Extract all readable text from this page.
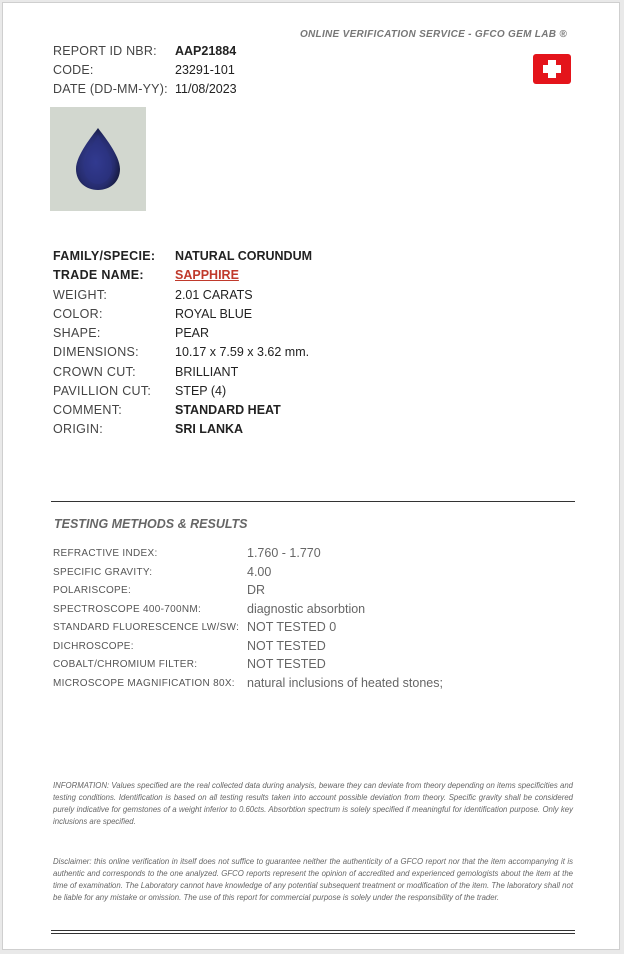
ONLINE VERIFICATION SERVICE - GFCO GEM LAB ®
REPORT ID NBR: AAP21884
CODE:	23291-101
DATE (DD-MM-YY): 11/08/2023
FAMILY/SPECIE: NATURAL CORUNDUM
TRADE NAME: SAPPHIRE
WEIGHT:	2.01 CARATS
COLOR:	ROYAL BLUE
SHAPE:	PEAR
DIMENSIONS:	10.17 x 7.59 x 3.62 mm.
CROWN CUT:	BRILLIANT
PAVILLION CUT: STEP (4)
COMMENT:	STANDARD HEAT
ORIGIN:	SRI LANKA
TESTING METHODS & RESULTS
REFRACTIVE INDEX:	1.760 - 1.770
SPECIFIC GRAVITY:	4.00
POLARISCOPE:	DR
SPECTROSCOPE 400-700NM:	diagnostic absorbtion
STANDARD FLUORESCENCE LW/SW: NOT TESTED 0
DICHROSCOPE:	NOT TESTED
COBALT/CHROMIUM FILTER:	NOT TESTED
MICROSCOPE MAGNIFICATION 80X: natural inclusions of heated stones;
INFORMATION: Values specified are the real collected data during analysis, beware they can deviate from theory depending on items specificities and testing conditions. Identification is based on all testing results taken into account possible deviation from theory. Specific gravity shall be considered purely indicative for gemstones of a weight inferior to 0.60cts. Absorbtion spectrum is solely specified if meaningful for identification purpose. Only key inclusions are specified.
Disclaimer: this online verification in itself does not suffice to guarantee neither the authenticity of a GFCO report nor that the item accompanying it is authentic and corresponds to the one analyzed. GFCO reports represent the opinion of accredited and experienced gemologists about the item at the time of examination. The Laboratory cannot have knowledge of any potential subsequent treatment or modification of the item. The laboratory shall not be liable for any mistake or omission. The use of this report for commercial purpose is solely under the responsibility of the trader.
